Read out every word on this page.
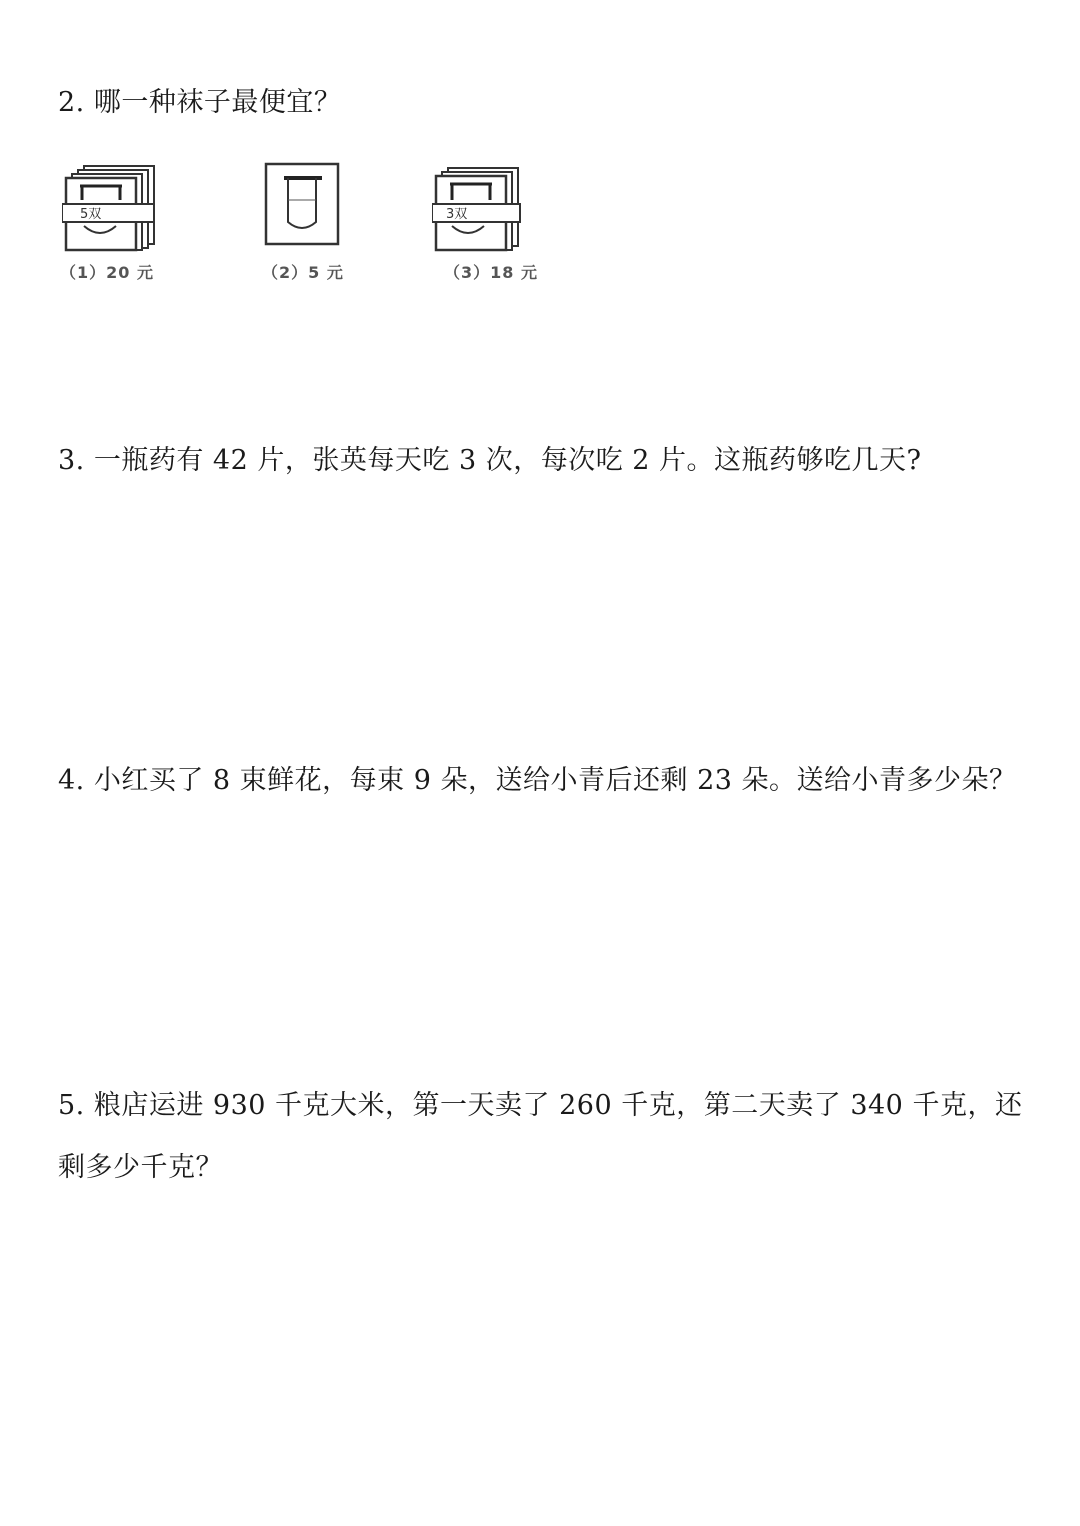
2. 哪一种袜子最便宜？
5双
（1）20 元	（2）5 元
3双
（3）18 元
3. 一瓶药有 42 片，张英每天吃 3 次，每次吃 2 片。这瓶药够吃几天?
4. 小红买了 8 束鲜花，每束 9 朵，送给小青后还剩 23 朵。送给小青多少朵？
5. 粮店运进 930 千克大米，第一天卖了 260 千克，第二天卖了 340 千克，还剩多少千克？
